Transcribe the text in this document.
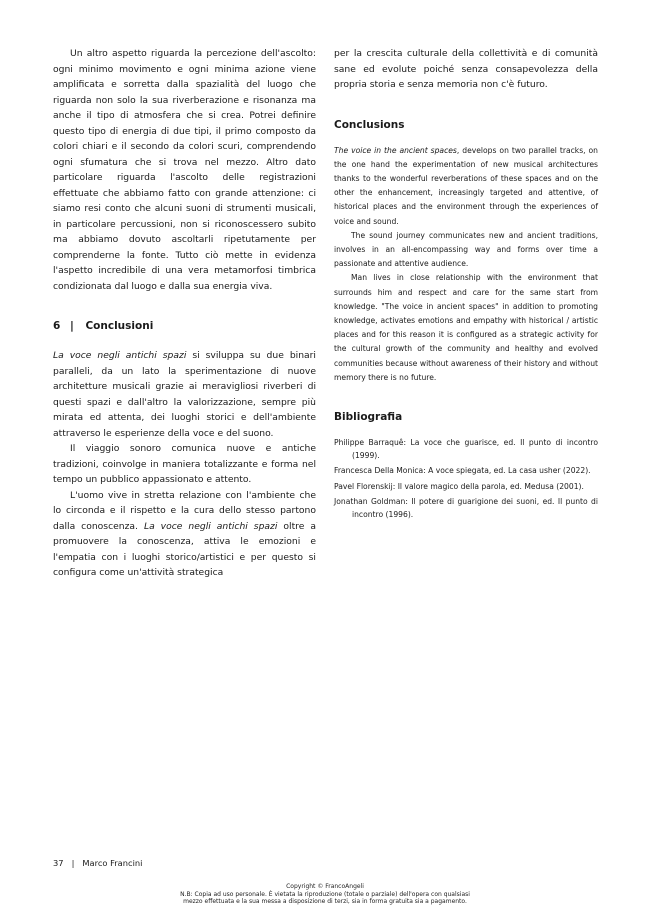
Un altro aspetto riguarda la percezione dell'ascolto: ogni minimo movimento e ogni minima azione viene amplificata e sorretta dalla spazialità del luogo che riguarda non solo la sua riverberazione e risonanza ma anche il tipo di atmosfera che si crea. Potrei definire questo tipo di energia di due tipi, il primo composto da colori chiari e il secondo da colori scuri, comprendendo ogni sfumatura che si trova nel mezzo. Altro dato particolare riguarda l'ascolto delle registrazioni effettuate che abbiamo fatto con grande attenzione: ci siamo resi conto che alcuni suoni di strumenti musicali, in particolare percussioni, non si riconoscessero subito ma abbiamo dovuto ascoltarli ripetutamente per comprenderne la fonte. Tutto ciò mette in evidenza l'aspetto incredibile di una vera metamorfosi timbrica condizionata dal luogo e dalla sua energia viva.

6 | Conclusioni

La voce negli antichi spazi si sviluppa su due binari paralleli, da un lato la sperimentazione di nuove architetture musicali grazie ai meravigliosi riverberi di questi spazi e dall'altro la valorizzazione, sempre più mirata ed attenta, dei luoghi storici e dell'ambiente attraverso le esperienze della voce e del suono.

Il viaggio sonoro comunica nuove e antiche tradizioni, coinvolge in maniera totalizzante e forma nel tempo un pubblico appassionato e attento.

L'uomo vive in stretta relazione con l'ambiente che lo circonda e il rispetto e la cura dello stesso partono dalla conoscenza. La voce negli antichi spazi oltre a promuovere la conoscenza, attiva le emozioni e l'empatia con i luoghi storico/artistici e per questo si configura come un'attività strategica

per la crescita culturale della collettività e di comunità sane ed evolute poiché senza consapevolezza della propria storia e senza memoria non c'è futuro.

Conclusions

The voice in the ancient spaces, develops on two parallel tracks, on the one hand the experimentation of new musical architectures thanks to the wonderful reverberations of these spaces and on the other the enhancement, increasingly targeted and attentive, of historical places and the environment through the experiences of voice and sound.

The sound journey communicates new and ancient traditions, involves in an all-encompassing way and forms over time a passionate and attentive audience.

Man lives in close relationship with the environment that surrounds him and respect and care for the same start from knowledge. "The voice in ancient spaces" in addition to promoting knowledge, activates emotions and empathy with historical / artistic places and for this reason it is configured as a strategic activity for the cultural growth of the community and healthy and evolved communities because without awareness of their history and without memory there is no future.

Bibliografia

Philippe Barraquê: La voce che guarisce, ed. Il punto di incontro (1999).

Francesca Della Monica: A voce spiegata, ed. La casa usher (2022).

Pavel Florenskij: Il valore magico della parola, ed. Medusa (2001).

Jonathan Goldman: Il potere di guarigione dei suoni, ed. Il punto di incontro (1996).

37 | Marco Francini
Copyright © FrancoAngeli
N.B: Copia ad uso personale. È vietata la riproduzione (totale o parziale) dell'opera con qualsiasi
mezzo effettuata e la sua messa a disposizione di terzi, sia in forma gratuita sia a pagamento.
